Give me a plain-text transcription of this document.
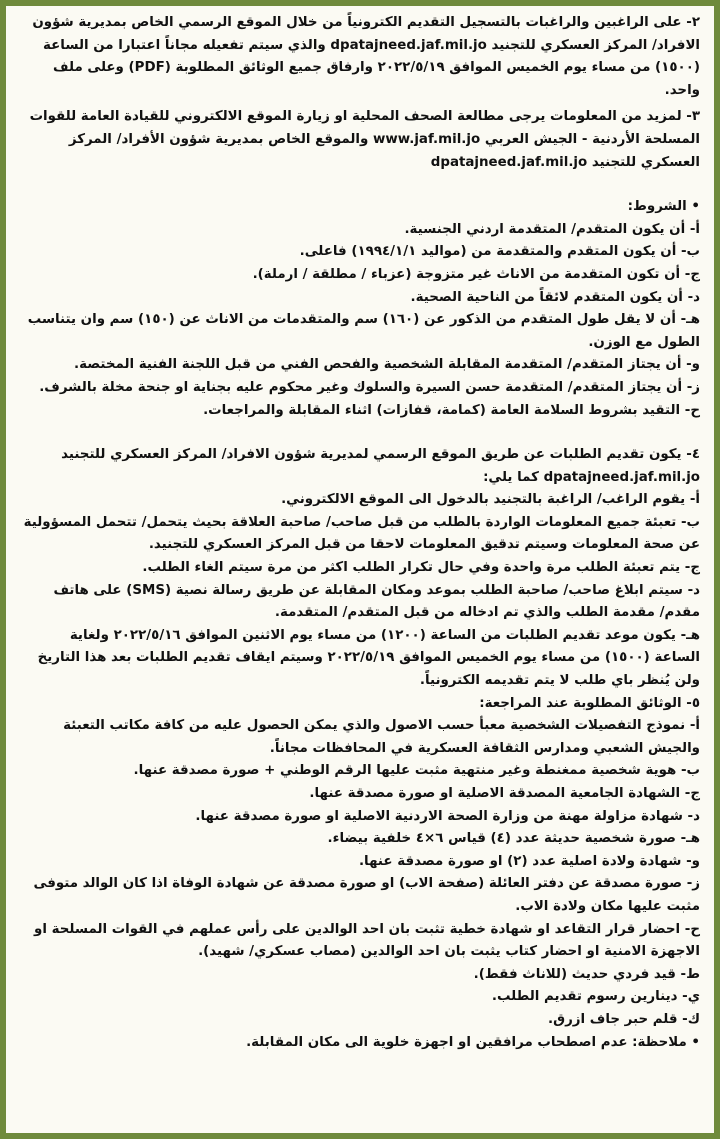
٢- على الراغبين والراغبات بالتسجيل التقديم الكترونياً من خلال الموقع الرسمي الخاص بمديرية شؤون الافراد/ المركز العسكري للتجنيد dpatajneed.jaf.mil.jo والذي سيتم تفعيله مجاناً اعتبارا من الساعة (١٥٠٠) من مساء يوم الخميس الموافق ٢٠٢٢/٥/١٩ وارفاق جميع الوثائق المطلوبة (PDF) وعلى ملف واحد.

٣- لمزيد من المعلومات يرجى مطالعة الصحف المحلية او زيارة الموقع الالكتروني للقيادة العامة للقوات المسلحة الأردنية - الجيش العربي www.jaf.mil.jo والموقع الخاص بمديرية شؤون الأفراد/ المركز العسكري للتجنيد dpatajneed.jaf.mil.jo

• الشروط:

أ- أن يكون المتقدم/ المتقدمة اردني الجنسية.

ب- أن يكون المتقدم والمتقدمة من (مواليد ١٩٩٤/١/١) فاعلى.

ج- أن تكون المتقدمة من الاناث غير متزوجة (عزباء / مطلقة / ارملة).

د- أن يكون المتقدم لائقاً من الناحية الصحية.

هـ- أن لا يقل طول المتقدم من الذكور عن (١٦٠) سم والمتقدمات من الاناث عن (١٥٠) سم وان يتناسب الطول مع الوزن.

و- أن يجتاز المتقدم/ المتقدمة المقابلة الشخصية والفحص الفني من قبل اللجنة الفنية المختصة.

ز- أن يجتاز المتقدم/ المتقدمة حسن السيرة والسلوك وغير محكوم عليه بجناية او جنحة مخلة بالشرف.

ح- التقيد بشروط السلامة العامة (كمامة، قفازات) اثناء المقابلة والمراجعات.

٤- يكون تقديم الطلبات عن طريق الموقع الرسمي لمديرية شؤون الافراد/ المركز العسكري للتجنيد dpatajneed.jaf.mil.jo كما يلي:

أ- يقوم الراغب/ الراغبة بالتجنيد بالدخول الى الموقع الالكتروني.

ب- تعبئة جميع المعلومات الواردة بالطلب من قبل صاحب/ صاحبة العلاقة بحيث يتحمل/ تتحمل المسؤولية عن صحة المعلومات وسيتم تدقيق المعلومات لاحقا من قبل المركز العسكري للتجنيد.

ج- يتم تعبئة الطلب مرة واحدة وفي حال تكرار الطلب اكثر من مرة سيتم الغاء الطلب.

د- سيتم ابلاغ صاحب/ صاحبة الطلب بموعد ومكان المقابلة عن طريق رسالة نصية (SMS) على هاتف مقدم/ مقدمة الطلب والذي تم ادخاله من قبل المتقدم/ المتقدمة.

هـ- يكون موعد تقديم الطلبات من الساعة (١٢٠٠) من مساء يوم الاثنين الموافق ٢٠٢٢/٥/١٦ ولغاية الساعة (١٥٠٠) من مساء يوم الخميس الموافق ٢٠٢٢/٥/١٩ وسيتم ايقاف تقديم الطلبات بعد هذا التاريخ ولن يُنظر باي طلب لا يتم تقديمه الكترونياً.

٥- الوثائق المطلوبة عند المراجعة:

أ- نموذج التفصيلات الشخصية معبأ حسب الاصول والذي يمكن الحصول عليه من كافة مكاتب التعبئة والجيش الشعبي ومدارس الثقافة العسكرية في المحافظات مجاناً.

ب- هوية شخصية ممغنطة وغير منتهية مثبت عليها الرقم الوطني + صورة مصدقة عنها.

ج- الشهادة الجامعية المصدقة الاصلية او صورة مصدقة عنها.

د- شهادة مزاولة مهنة من وزارة الصحة الاردنية الاصلية او صورة مصدقة عنها.

هـ- صورة شخصية حديثة عدد (٤) قياس ٦×٤ خلفية بيضاء.

و- شهادة ولادة اصلية عدد (٢) او صورة مصدقة عنها.

ز- صورة مصدقة عن دفتر العائلة (صفحة الاب) او صورة مصدقة عن شهادة الوفاة اذا كان الوالد متوفى مثبت عليها مكان ولادة الاب.

ح- احضار قرار التقاعد او شهادة خطية تثبت بان احد الوالدين على رأس عملهم في القوات المسلحة او الاجهزة الامنية او احضار كتاب يثبت بان احد الوالدين (مصاب عسكري/ شهيد).

ط- قيد فردي حديث (للاناث فقط).

ي- دينارين رسوم تقديم الطلب.

ك- قلم حبر جاف ازرق.

• ملاحظة: عدم اصطحاب مرافقين او اجهزة خلوية الى مكان المقابلة.
